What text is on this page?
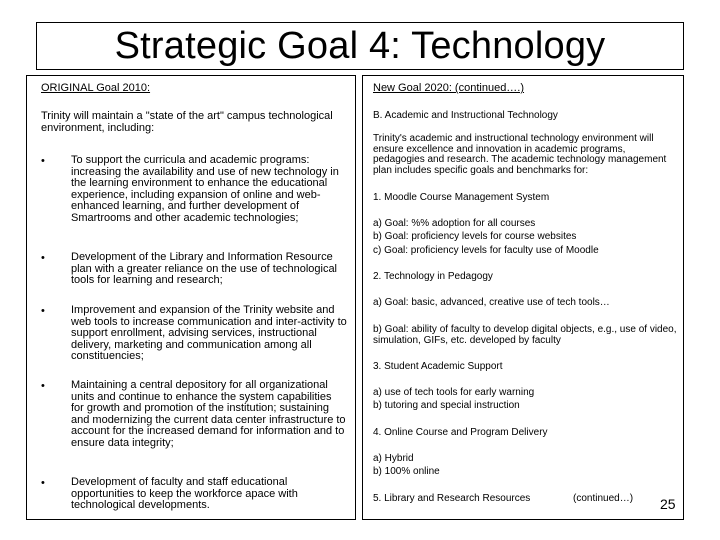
Strategic Goal 4: Technology
ORIGINAL Goal 2010:
Trinity will maintain a "state of the art" campus technological environment, including:
• To support the curricula and academic programs: increasing the availability and use of new technology in the learning environment to enhance the educational experience, including expansion of online and web-enhanced learning, and further development of Smartrooms and other academic technologies;
• Development of the Library and Information Resource plan with a greater reliance on the use of technological tools for learning and research;
• Improvement and expansion of the Trinity website and web tools to increase communication and inter-activity to support enrollment, advising services, instructional delivery, marketing and communication among all constituencies;
• Maintaining a central depository for all organizational units and continue to enhance the system capabilities for growth and promotion of the institution; sustaining and modernizing the current data center infrastructure to account for the increased demand for information and to ensure data integrity;
• Development of faculty and staff educational opportunities to keep the workforce apace with technological developments.
New Goal 2020: (continued….)
B. Academic and Instructional Technology
Trinity's academic and instructional technology environment will ensure excellence and innovation in academic programs, pedagogies and research. The academic technology management plan includes specific goals and benchmarks for:
1. Moodle Course Management System
a) Goal: %% adoption for all courses
b) Goal: proficiency levels for course websites
c) Goal: proficiency levels for faculty use of Moodle
2. Technology in Pedagogy
a) Goal: basic, advanced, creative use of tech tools…
b) Goal: ability of faculty to develop digital objects, e.g., use of video, simulation, GIFs, etc. developed by faculty
3. Student Academic Support
a) use of tech tools for early warning
b) tutoring and special instruction
4. Online Course and Program Delivery
a) Hybrid
b) 100% online
5. Library and Research Resources	(continued…) 25
